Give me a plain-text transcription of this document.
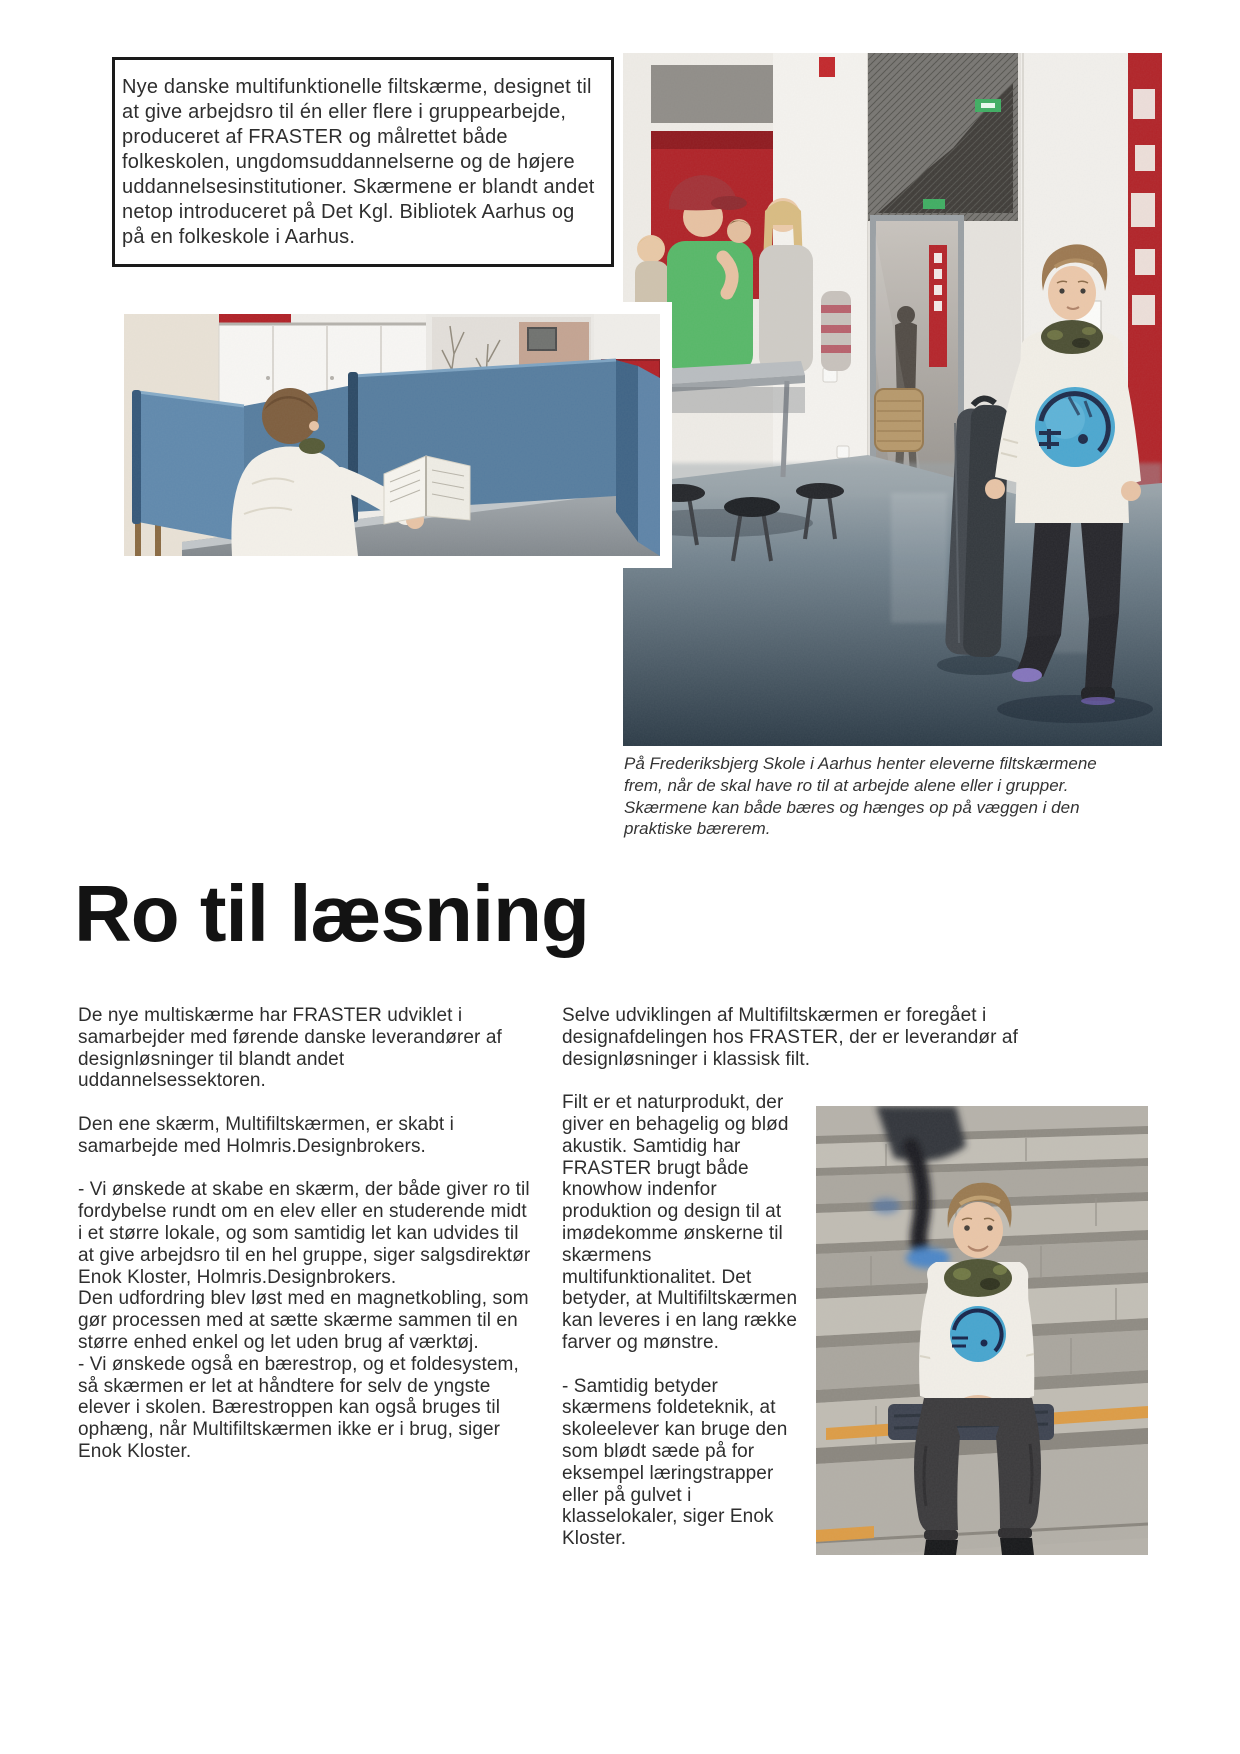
Nye danske multifunktionelle filtskærme, designet til at give arbejdsro til én eller flere i gruppearbejde, produceret af FRASTER og målrettet både folkeskolen, ungdomsuddannelserne og de højere uddannelsesinstitutioner. Skærmene er blandt andet netop introduceret på Det Kgl. Bibliotek Aarhus og på en folkeskole i Aarhus.
På Frederiksbjerg Skole i Aarhus henter eleverne filtskærmene frem, når de skal have ro til at arbejde alene eller i grupper. Skærmene kan både bæres og hænges op på væggen i den praktiske bærerem.
Ro til læsning

De nye multiskærme har FRASTER udviklet i samarbejder med førende danske leverandører af designløsninger til blandt andet uddannelsessektoren.

Den ene skærm, Multifiltskærmen, er skabt i samarbejde med Holmris.Designbrokers.

- Vi ønskede at skabe en skærm, der både giver ro til fordybelse rundt om en elev eller en studerende midt i et større lokale, og som samtidig let kan udvides til at give arbejdsro til en hel gruppe, siger salgsdirektør Enok Kloster, Holmris.Designbrokers.

Den udfordring blev løst med en magnetkobling, som gør processen med at sætte skærme sammen til en større enhed enkel og let uden brug af værktøj.

- Vi ønskede også en bærestrop, og et foldesystem, så skærmen er let at håndtere for selv de yngste elever i skolen. Bærestroppen kan også bruges til ophæng, når Multifiltskærmen ikke er i brug, siger Enok Kloster.

Selve udviklingen af Multifiltskærmen er foregået i designafdelingen hos FRASTER, der er leverandør af designløsninger i klassisk filt.

Filt er et naturprodukt, der giver en behagelig og blød akustik. Samtidig har FRASTER brugt både knowhow indenfor produktion og design til at imødekomme ønskerne til skærmens multifunktionalitet. Det betyder, at Multifiltskærmen kan leveres i en lang række farver og mønstre.

- Samtidig betyder skærmens foldeteknik, at skoleelever kan bruge den som blødt sæde på for eksempel læringstrapper eller på gulvet i klasselokaler, siger Enok Kloster.
